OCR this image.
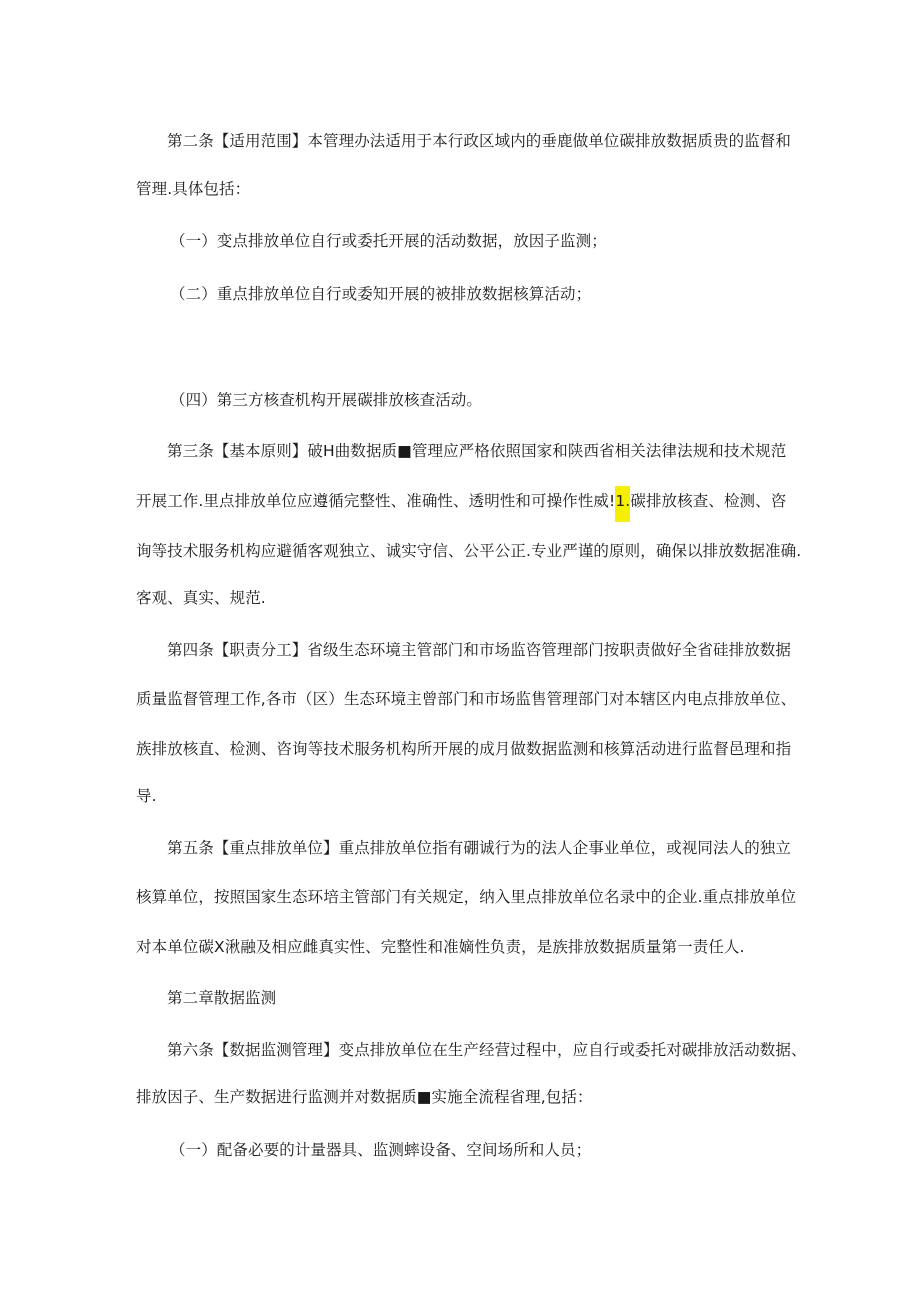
第二条【适用范围】本管理办法适用于本行政区域内的垂鹿做单位碳排放数据质贵的监督和
管理.具体包括：
（一）变点排放单位自行或委托开展的活动数据，放因子监测；
（二）重点排放单位自行或委知开展的被排放数据核算活动；
（四）第三方核查机构开展碳排放核查活动。
第三条【基本原则】破H曲数据质■管理应严格依照国家和陕西省相关法律法规和技术规范
开展工作.里点排放单位应遵循完整性、准确性、透明性和可操作性威!1.碳排放核查、检测、咨
询等技术服务机构应避循客观独立、诚实守信、公平公正.专业严谨的原则，确保以排放数据准确.
客观、真实、规范.
第四条【职责分工】省级生态环境主管部门和市场监咨管理部门按职责做好全省硅排放数据
质量监督管理工作,各市（区）生态环境主曾部门和市场监售管理部门对本辖区内电点排放单位、
族排放核直、检测、咨询等技术服务机构所开展的成月做数据监测和核算活动进行监督邑理和指
导.
第五条【重点排放单位】重点排放单位指有硼诚行为的法人企事业单位，或视同法人的独立
核算单位，按照国家生态环培主管部门有关规定，纳入里点排放单位名录中的企业.重点排放单位
对本单位碳X湫融及相应雌真实性、完整性和准嫡性负责，是族排放数据质量第一责任人.
第二章散据监测
第六条【数据监测管理】变点排放单位在生产经营过程中，应自行或委托对碳排放活动数据、
排放因子、生产数据进行监测并对数据质■实施全流程省理,包括：
（一）配备必要的计量器具、监测蟀设备、空间场所和人员；
